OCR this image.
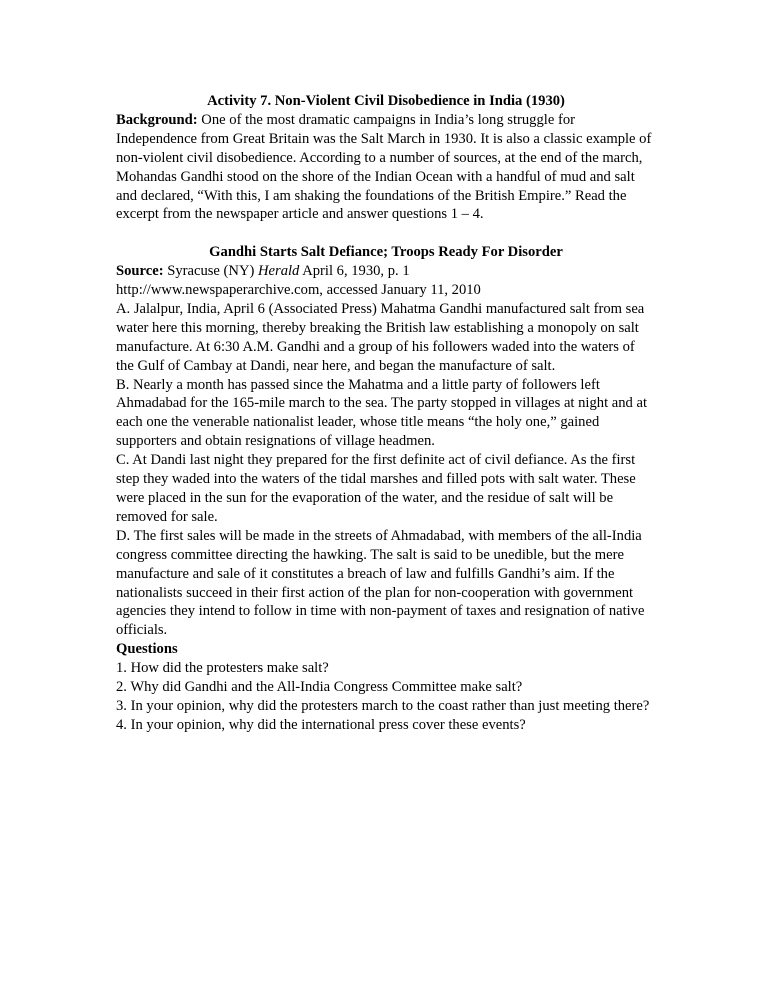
Activity 7. Non-Violent Civil Disobedience in India (1930)

Background: One of the most dramatic campaigns in India’s long struggle for Independence from Great Britain was the Salt March in 1930. It is also a classic example of non-violent civil disobedience. According to a number of sources, at the end of the march, Mohandas Gandhi stood on the shore of the Indian Ocean with a handful of mud and salt and declared, “With this, I am shaking the foundations of the British Empire.” Read the excerpt from the newspaper article and answer questions 1 – 4.

Gandhi Starts Salt Defiance; Troops Ready For Disorder

Source: Syracuse (NY) Herald April 6, 1930, p. 1

http://www.newspaperarchive.com, accessed January 11, 2010

A. Jalalpur, India, April 6 (Associated Press) Mahatma Gandhi manufactured salt from sea water here this morning, thereby breaking the British law establishing a monopoly on salt manufacture. At 6:30 A.M. Gandhi and a group of his followers waded into the waters of the Gulf of Cambay at Dandi, near here, and began the manufacture of salt.

B. Nearly a month has passed since the Mahatma and a little party of followers left Ahmadabad for the 165-mile march to the sea. The party stopped in villages at night and at each one the venerable nationalist leader, whose title means “the holy one,” gained supporters and obtain resignations of village headmen.

C. At Dandi last night they prepared for the first definite act of civil defiance. As the first step they waded into the waters of the tidal marshes and filled pots with salt water. These were placed in the sun for the evaporation of the water, and the residue of salt will be removed for sale.

D. The first sales will be made in the streets of Ahmadabad, with members of the all-India congress committee directing the hawking. The salt is said to be unedible, but the mere manufacture and sale of it constitutes a breach of law and fulfills Gandhi’s aim. If the nationalists succeed in their first action of the plan for non-cooperation with government agencies they intend to follow in time with non-payment of taxes and resignation of native officials.

Questions

1. How did the protesters make salt?

2. Why did Gandhi and the All-India Congress Committee make salt?

3. In your opinion, why did the protesters march to the coast rather than just meeting there?

4. In your opinion, why did the international press cover these events?
